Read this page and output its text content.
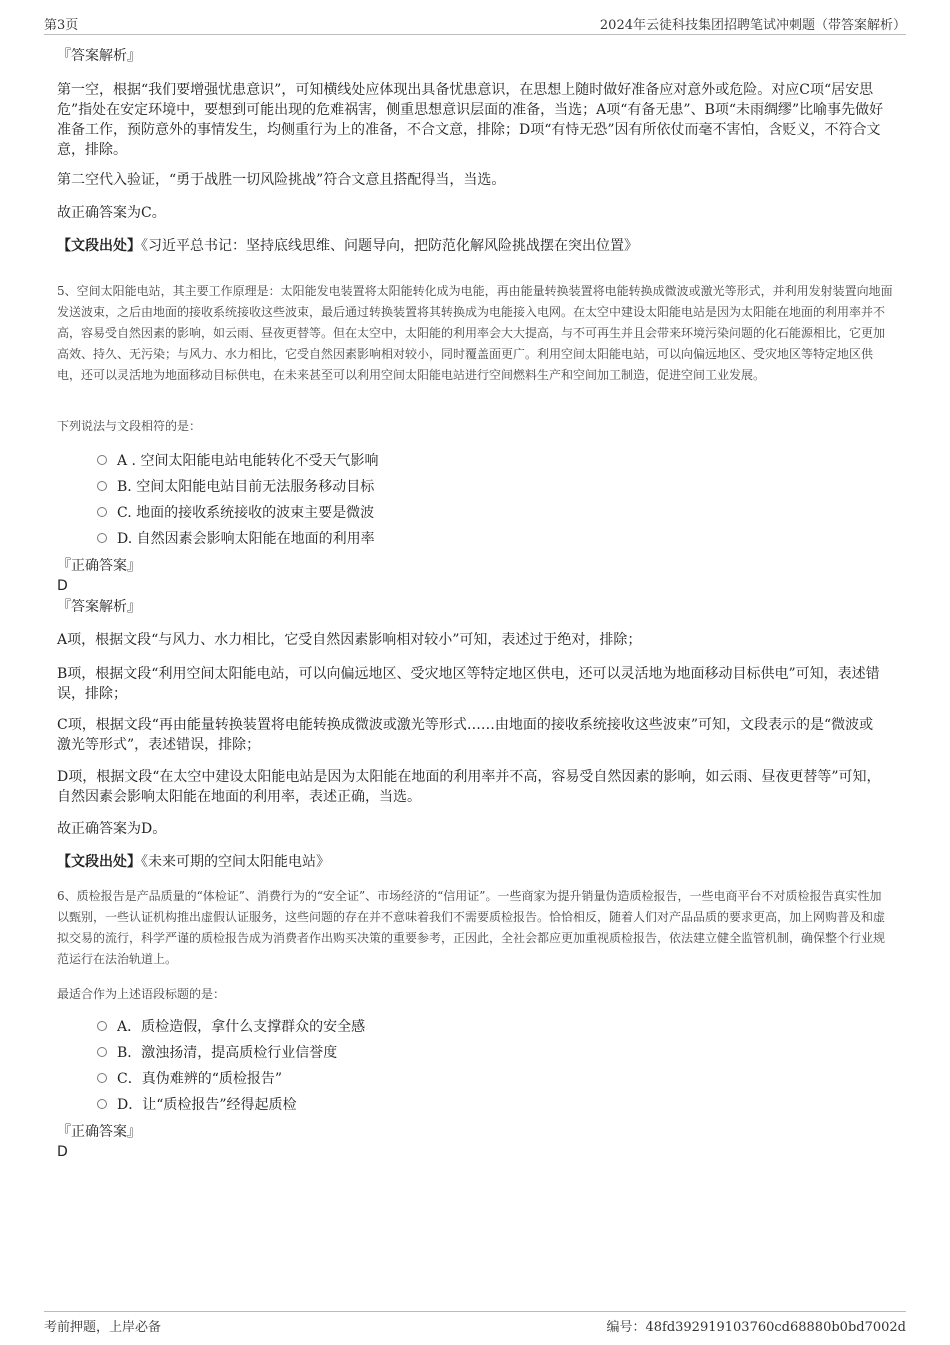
第3页	2024年云徒科技集团招聘笔试冲刺题（带答案解析）
『答案解析』
第一空，根据“我们要增强忧患意识”，可知横线处应体现出具备忧患意识，在思想上随时做好准备应对意外或危险。对应C项“居安思危”指处在安定环境中，要想到可能出现的危难祸害，侧重思想意识层面的准备，当选；A项“有备无患”、B项“未雨绸缪”比喻事先做好准备工作，预防意外的事情发生，均侧重行为上的准备，不合文意，排除；D项“有恃无恐”因有所依仗而毫不害怕，含贬义，不符合文意，排除。
第二空代入验证，“勇于战胜一切风险挑战”符合文意且搭配得当，当选。
故正确答案为C。
【文段出处】《习近平总书记：坚持底线思维、问题导向，把防范化解风险挑战摆在突出位置》
5、空间太阳能电站，其主要工作原理是：太阳能发电装置将太阳能转化成为电能，再由能量转换装置将电能转换成微波或激光等形式，并利用发射装置向地面发送波束，之后由地面的接收系统接收这些波束，最后通过转换装置将其转换成为电能接入电网。在太空中建设太阳能电站是因为太阳能在地面的利用率并不高，容易受自然因素的影响，如云雨、昼夜更替等。但在太空中，太阳能的利用率会大大提高，与不可再生并且会带来环境污染问题的化石能源相比，它更加高效、持久、无污染；与风力、水力相比，它受自然因素影响相对较小，同时覆盖面更广。利用空间太阳能电站，可以向偏远地区、受灾地区等特定地区供电，还可以灵活地为地面移动目标供电，在未来甚至可以利用空间太阳能电站进行空间燃料生产和空间加工制造，促进空间工业发展。
下列说法与文段相符的是：
A . 空间太阳能电站电能转化不受天气影响
B. 空间太阳能电站目前无法服务移动目标
C. 地面的接收系统接收的波束主要是微波
D. 自然因素会影响太阳能在地面的利用率
『正确答案』
D
『答案解析』
A项，根据文段“与风力、水力相比，它受自然因素影响相对较小”可知，表述过于绝对，排除；
B项，根据文段“利用空间太阳能电站，可以向偏远地区、受灾地区等特定地区供电，还可以灵活地为地面移动目标供电”可知，表述错误，排除；
C项，根据文段“再由能量转换装置将电能转换成微波或激光等形式……由地面的接收系统接收这些波束”可知，文段表示的是“微波或激光等形式”，表述错误，排除；
D项，根据文段“在太空中建设太阳能电站是因为太阳能在地面的利用率并不高，容易受自然因素的影响，如云雨、昼夜更替等”可知，自然因素会影响太阳能在地面的利用率，表述正确，当选。
故正确答案为D。
【文段出处】《未来可期的空间太阳能电站》
6、质检报告是产品质量的“体检证”、消费行为的“安全证”、市场经济的“信用证”。一些商家为提升销量伪造质检报告，一些电商平台不对质检报告真实性加以甄别，一些认证机构推出虚假认证服务，这些问题的存在并不意味着我们不需要质检报告。恰恰相反，随着人们对产品品质的要求更高，加上网购普及和虚拟交易的流行，科学严谨的质检报告成为消费者作出购买决策的重要参考，正因此，全社会都应更加重视质检报告，依法建立健全监管机制，确保整个行业规范运行在法治轨道上。
最适合作为上述语段标题的是：
A．质检造假，拿什么支撑群众的安全感
B．激浊扬清，提高质检行业信誉度
C．真伪难辨的“质检报告”
D．让“质检报告”经得起质检
『正确答案』
D
考前押题，上岸必备	编号：48fd392919103760cd68880b0bd7002d
